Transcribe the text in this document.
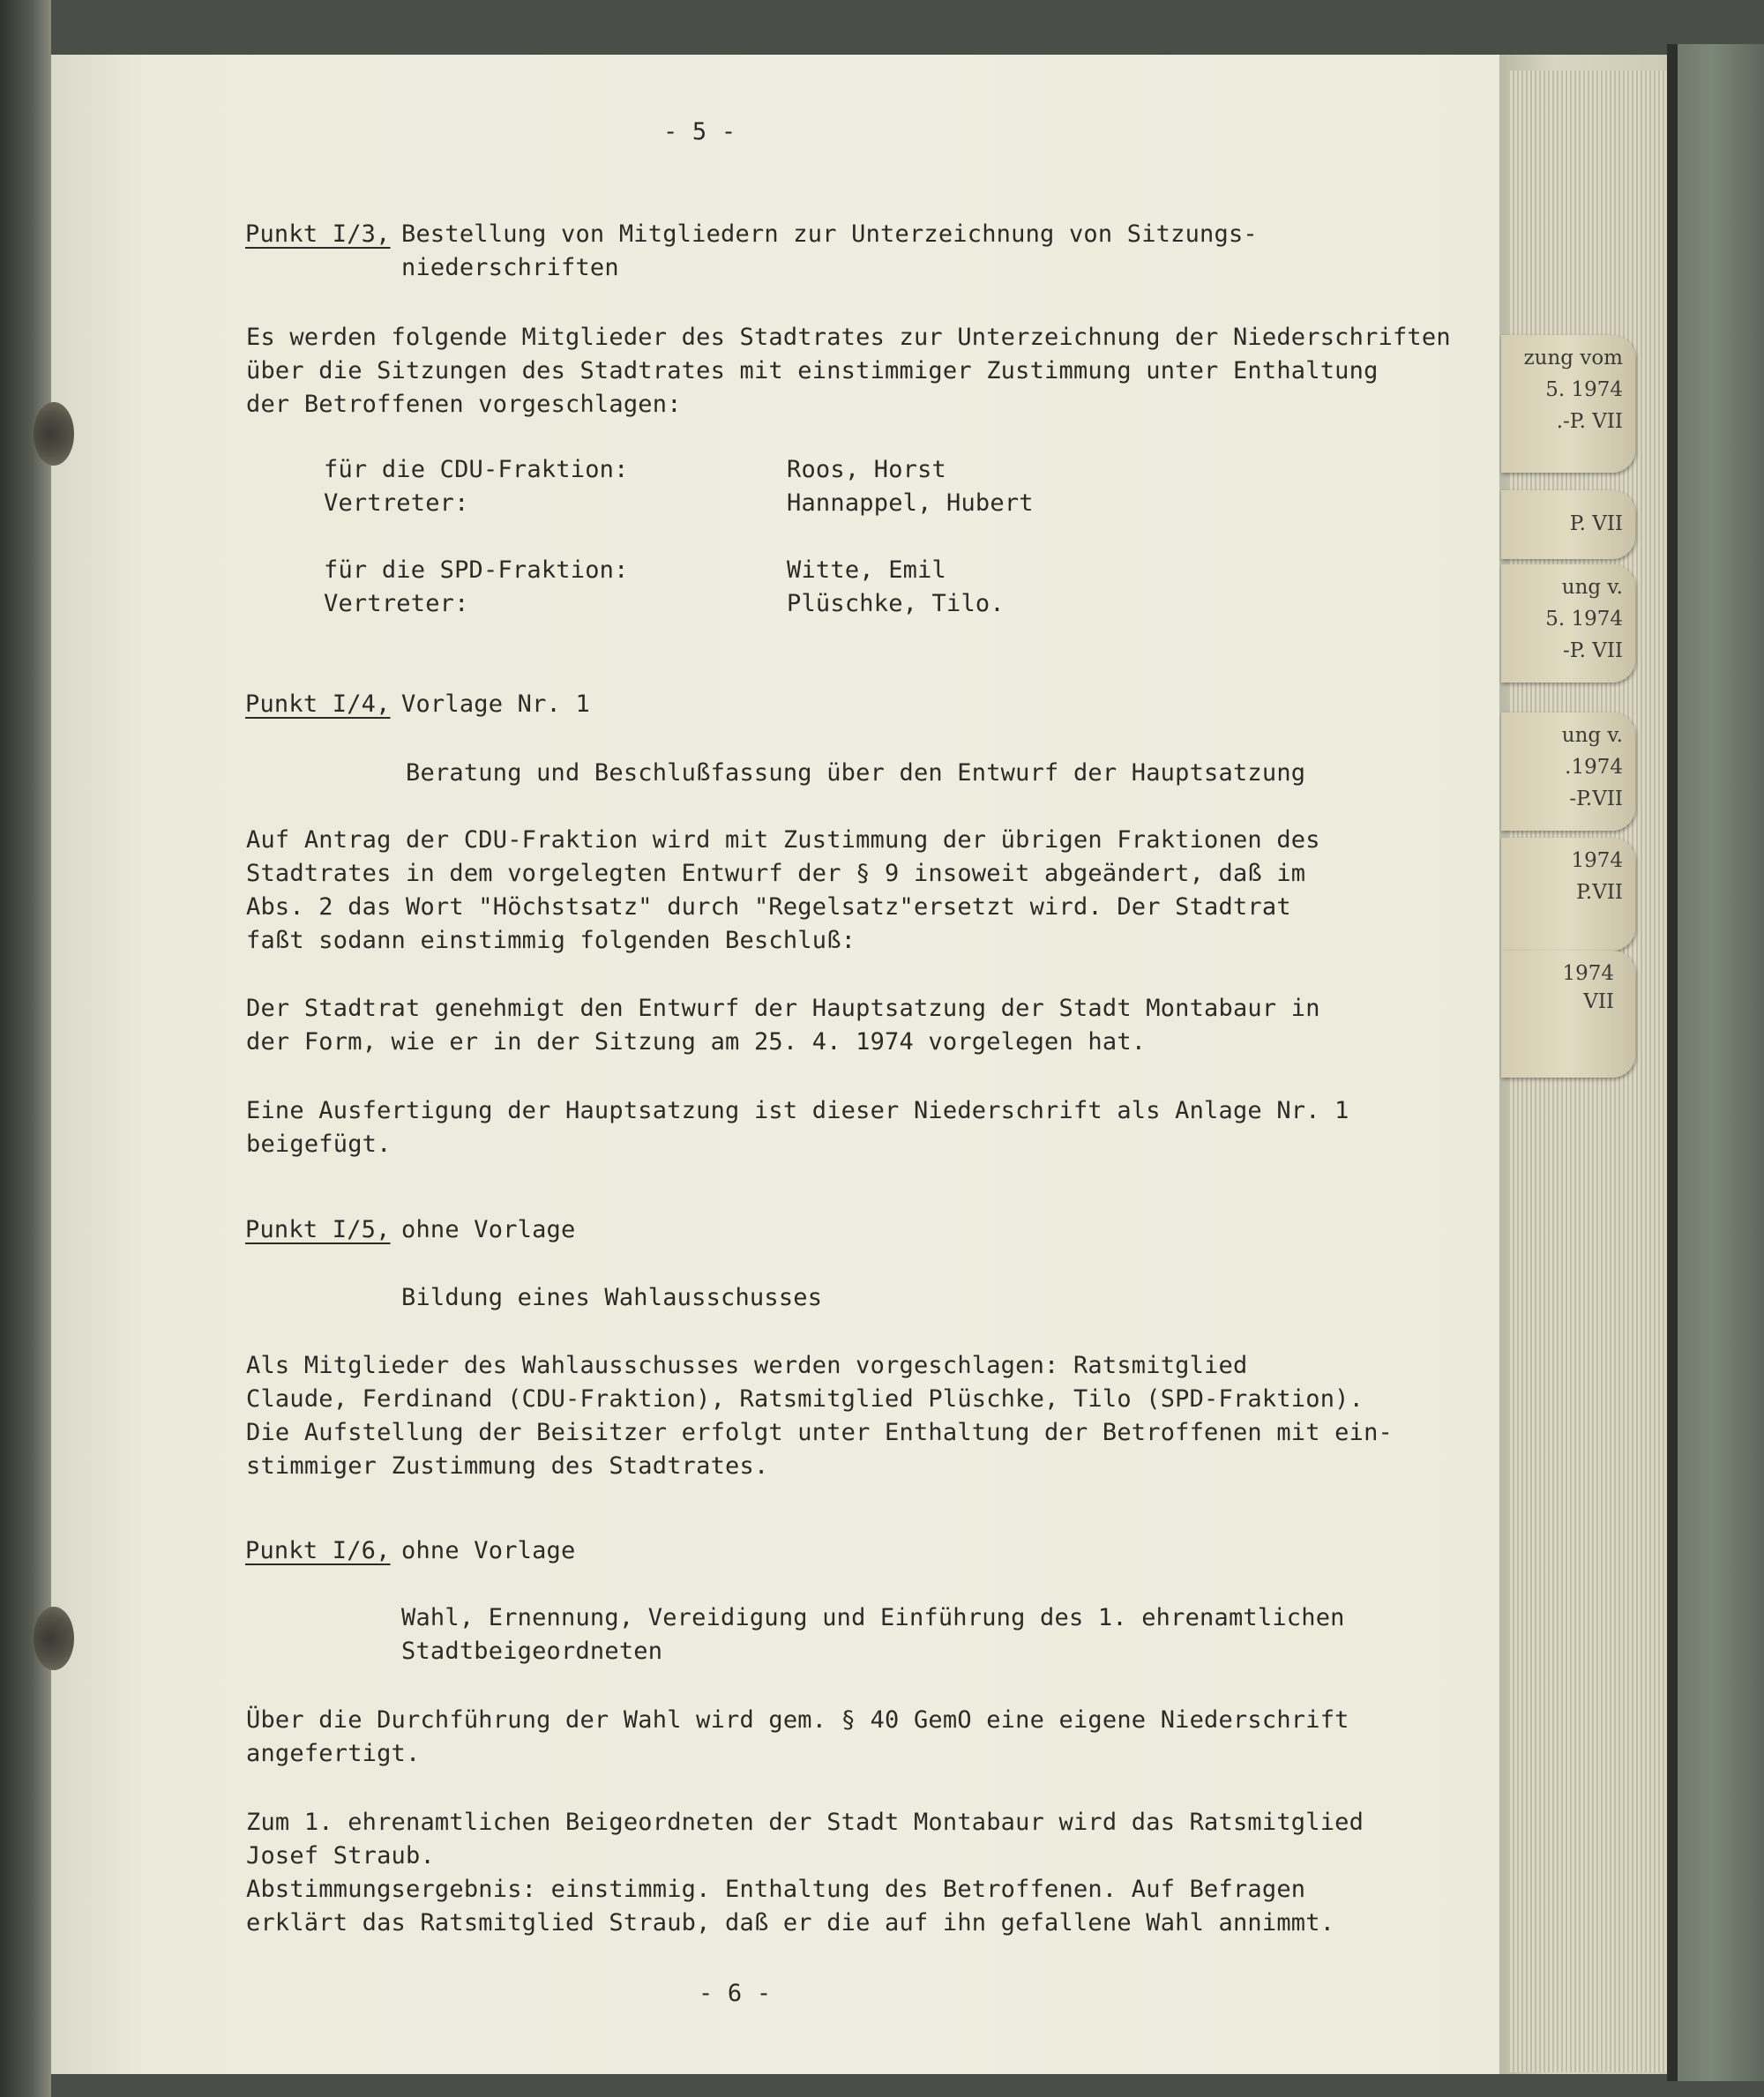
zung vom
5. 1974
.-P. VII
P. VII
ung v.
5. 1974
-P. VII
ung v.
.1974
-P.VII
1974
P.VII
1974
VII
- 5 -
Punkt I/3, Bestellung von Mitgliedern zur Unterzeichnung von Sitzungs-
niederschriften
Es werden folgende Mitglieder des Stadtrates zur Unterzeichnung der Niederschriften
über die Sitzungen des Stadtrates mit einstimmiger Zustimmung unter Enthaltung
der Betroffenen vorgeschlagen:
für die CDU-Fraktion:	Roos, Horst
Vertreter:	Hannappel, Hubert
für die SPD-Fraktion:	Witte, Emil
Vertreter:	Plüschke, Tilo.
Punkt I/4, Vorlage Nr. 1
Beratung und Beschlußfassung über den Entwurf der Hauptsatzung
Auf Antrag der CDU-Fraktion wird mit Zustimmung der übrigen Fraktionen des
Stadtrates in dem vorgelegten Entwurf der § 9 insoweit abgeändert, daß im
Abs. 2 das Wort "Höchstsatz" durch "Regelsatz"ersetzt wird. Der Stadtrat
faßt sodann einstimmig folgenden Beschluß:
Der Stadtrat genehmigt den Entwurf der Hauptsatzung der Stadt Montabaur in
der Form, wie er in der Sitzung am 25. 4. 1974 vorgelegen hat.
Eine Ausfertigung der Hauptsatzung ist dieser Niederschrift als Anlage Nr. 1
beigefügt.
Punkt I/5, ohne Vorlage
Bildung eines Wahlausschusses
Als Mitglieder des Wahlausschusses werden vorgeschlagen: Ratsmitglied
Claude, Ferdinand (CDU-Fraktion), Ratsmitglied Plüschke, Tilo (SPD-Fraktion).
Die Aufstellung der Beisitzer erfolgt unter Enthaltung der Betroffenen mit ein-
stimmiger Zustimmung des Stadtrates.
Punkt I/6, ohne Vorlage
Wahl, Ernennung, Vereidigung und Einführung des 1. ehrenamtlichen
Stadtbeigeordneten
Über die Durchführung der Wahl wird gem. § 40 GemO eine eigene Niederschrift
angefertigt.
Zum 1. ehrenamtlichen Beigeordneten der Stadt Montabaur wird das Ratsmitglied
Josef Straub.
Abstimmungsergebnis: einstimmig. Enthaltung des Betroffenen. Auf Befragen
erklärt das Ratsmitglied Straub, daß er die auf ihn gefallene Wahl annimmt.
- 6 -
